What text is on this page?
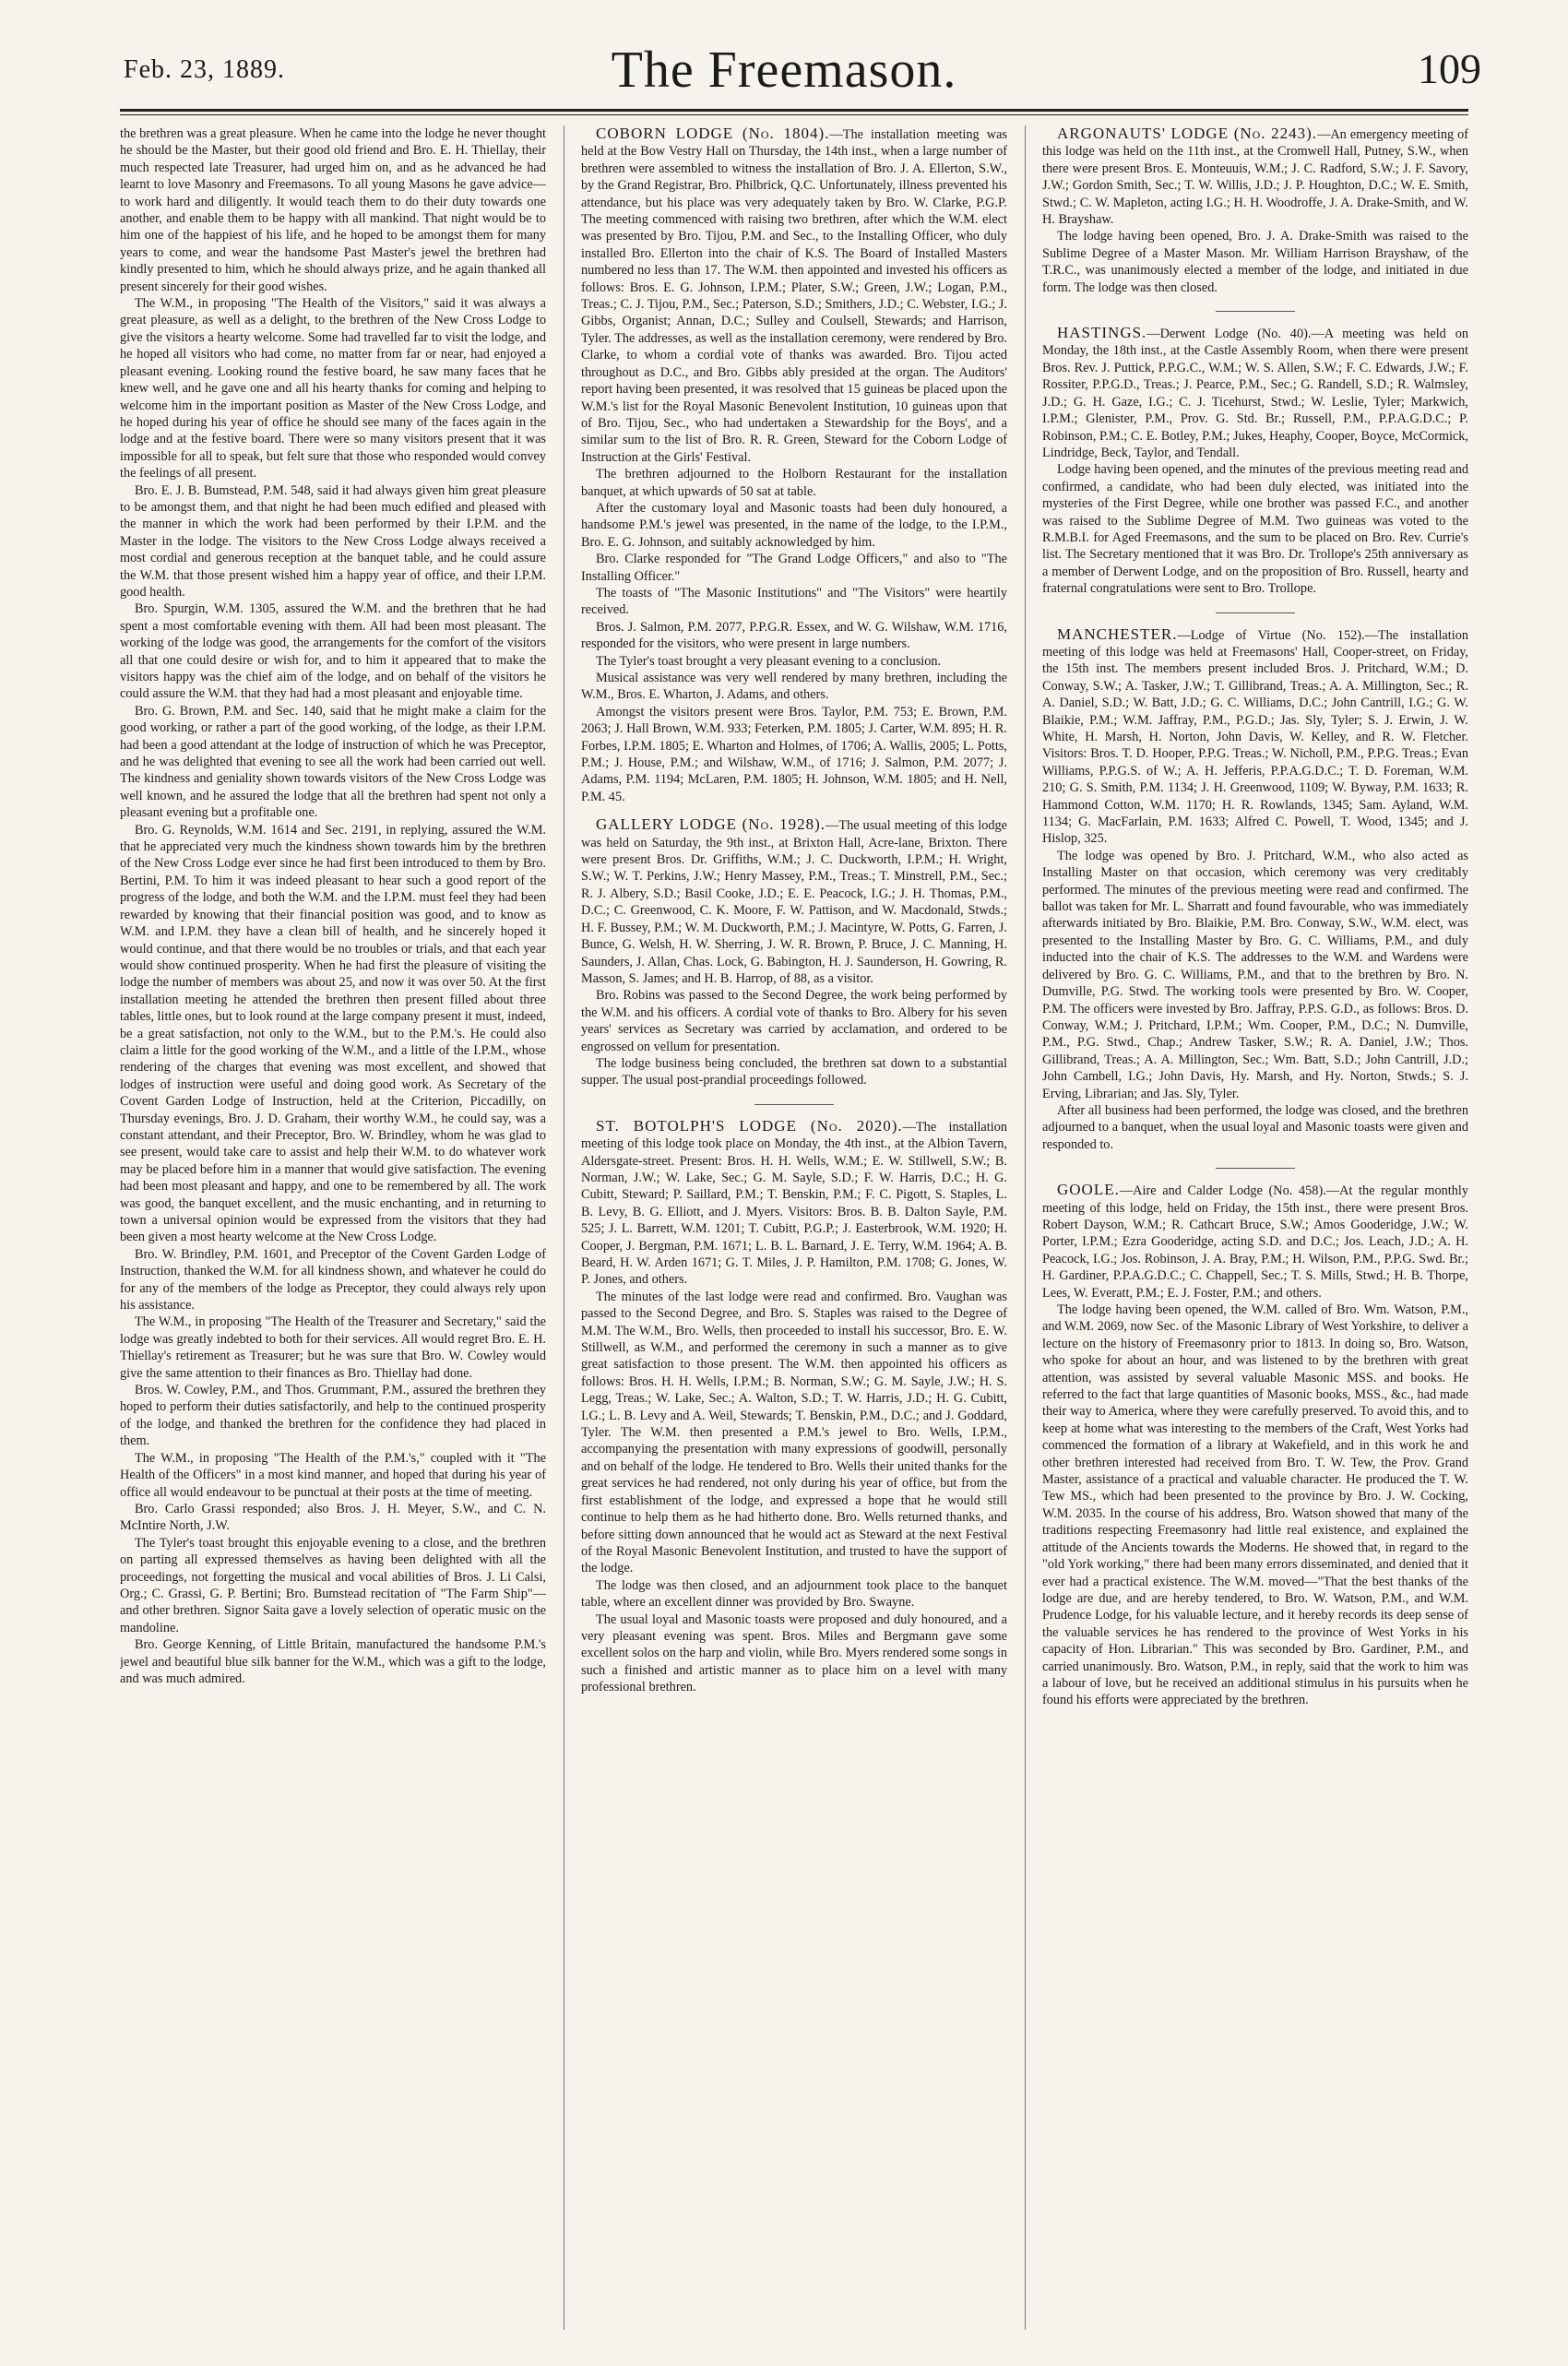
Feb. 23, 1889.	The Freemason.	109

the brethren was a great pleasure. When he came into the lodge he never thought he should be the Master, but their good old friend and Bro. E. H. Thiellay, their much respected late Treasurer, had urged him on, and as he advanced he had learnt to love Masonry and Freemasons. To all young Masons he gave advice—to work hard and diligently. It would teach them to do their duty towards one another, and enable them to be happy with all mankind. That night would be to him one of the happiest of his life, and he hoped to be amongst them for many years to come, and wear the handsome Past Master's jewel the brethren had kindly presented to him, which he should always prize, and he again thanked all present sincerely for their good wishes.

The W.M., in proposing "The Health of the Visitors," said it was always a great pleasure, as well as a delight, to the brethren of the New Cross Lodge to give the visitors a hearty welcome. Some had travelled far to visit the lodge, and he hoped all visitors who had come, no matter from far or near, had enjoyed a pleasant evening. Looking round the festive board, he saw many faces that he knew well, and he gave one and all his hearty thanks for coming and helping to welcome him in the important position as Master of the New Cross Lodge, and he hoped during his year of office he should see many of the faces again in the lodge and at the festive board. There were so many visitors present that it was impossible for all to speak, but felt sure that those who responded would convey the feelings of all present.

Bro. E. J. B. Bumstead, P.M. 548, said it had always given him great pleasure to be amongst them, and that night he had been much edified and pleased with the manner in which the work had been performed by their I.P.M. and the Master in the lodge. The visitors to the New Cross Lodge always received a most cordial and generous reception at the banquet table, and he could assure the W.M. that those present wished him a happy year of office, and their I.P.M. good health.

Bro. Spurgin, W.M. 1305, assured the W.M. and the brethren that he had spent a most comfortable evening with them. All had been most pleasant. The working of the lodge was good, the arrangements for the comfort of the visitors all that one could desire or wish for, and to him it appeared that to make the visitors happy was the chief aim of the lodge, and on behalf of the visitors he could assure the W.M. that they had had a most pleasant and enjoyable time.

Bro. G. Brown, P.M. and Sec. 140, said that he might make a claim for the good working, or rather a part of the good working, of the lodge, as their I.P.M. had been a good attendant at the lodge of instruction of which he was Preceptor, and he was delighted that evening to see all the work had been carried out well. The kindness and geniality shown towards visitors of the New Cross Lodge was well known, and he assured the lodge that all the brethren had spent not only a pleasant evening but a profitable one.

Bro. G. Reynolds, W.M. 1614 and Sec. 2191, in replying, assured the W.M. that he appreciated very much the kindness shown towards him by the brethren of the New Cross Lodge ever since he had first been introduced to them by Bro. Bertini, P.M. To him it was indeed pleasant to hear such a good report of the progress of the lodge, and both the W.M. and the I.P.M. must feel they had been rewarded by knowing that their financial position was good, and to know as W.M. and I.P.M. they have a clean bill of health, and he sincerely hoped it would continue, and that there would be no troubles or trials, and that each year would show continued prosperity. When he had first the pleasure of visiting the lodge the number of members was about 25, and now it was over 50. At the first installation meeting he attended the brethren then present filled about three tables, little ones, but to look round at the large company present it must, indeed, be a great satisfaction, not only to the W.M., but to the P.M.'s. He could also claim a little for the good working of the W.M., and a little of the I.P.M., whose rendering of the charges that evening was most excellent, and showed that lodges of instruction were useful and doing good work. As Secretary of the Covent Garden Lodge of Instruction, held at the Criterion, Piccadilly, on Thursday evenings, Bro. J. D. Graham, their worthy W.M., he could say, was a constant attendant, and their Preceptor, Bro. W. Brindley, whom he was glad to see present, would take care to assist and help their W.M. to do whatever work may be placed before him in a manner that would give satisfaction. The evening had been most pleasant and happy, and one to be remembered by all. The work was good, the banquet excellent, and the music enchanting, and in returning to town a universal opinion would be expressed from the visitors that they had been given a most hearty welcome at the New Cross Lodge.

Bro. W. Brindley, P.M. 1601, and Preceptor of the Covent Garden Lodge of Instruction, thanked the W.M. for all kindness shown, and whatever he could do for any of the members of the lodge as Preceptor, they could always rely upon his assistance.

The W.M., in proposing "The Health of the Treasurer and Secretary," said the lodge was greatly indebted to both for their services. All would regret Bro. E. H. Thiellay's retirement as Treasurer; but he was sure that Bro. W. Cowley would give the same attention to their finances as Bro. Thiellay had done.

Bros. W. Cowley, P.M., and Thos. Grummant, P.M., assured the brethren they hoped to perform their duties satisfactorily, and help to the continued prosperity of the lodge, and thanked the brethren for the confidence they had placed in them.

The W.M., in proposing "The Health of the P.M.'s," coupled with it "The Health of the Officers" in a most kind manner, and hoped that during his year of office all would endeavour to be punctual at their posts at the time of meeting.

Bro. Carlo Grassi responded; also Bros. J. H. Meyer, S.W., and C. N. McIntire North, J.W.

The Tyler's toast brought this enjoyable evening to a close, and the brethren on parting all expressed themselves as having been delighted with all the proceedings, not forgetting the musical and vocal abilities of Bros. J. Li Calsi, Org.; C. Grassi, G. P. Bertini; Bro. Bumstead recitation of "The Farm Ship"—and other brethren. Signor Saita gave a lovely selection of operatic music on the mandoline.

Bro. George Kenning, of Little Britain, manufactured the handsome P.M.'s jewel and beautiful blue silk banner for the W.M., which was a gift to the lodge, and was much admired.

COBORN LODGE (No. 1804).—The installation meeting was held at the Bow Vestry Hall on Thursday, the 14th inst., when a large number of brethren were assembled to witness the installation of Bro. J. A. Ellerton, S.W., by the Grand Registrar, Bro. Philbrick, Q.C. Unfortunately, illness prevented his attendance, but his place was very adequately taken by Bro. W. Clarke, P.G.P. The meeting commenced with raising two brethren, after which the W.M. elect was presented by Bro. Tijou, P.M. and Sec., to the Installing Officer, who duly installed Bro. Ellerton into the chair of K.S. The Board of Installed Masters numbered no less than 17. The W.M. then appointed and invested his officers as follows: Bros. E. G. Johnson, I.P.M.; Plater, S.W.; Green, J.W.; Logan, P.M., Treas.; C. J. Tijou, P.M., Sec.; Paterson, S.D.; Smithers, J.D.; C. Webster, I.G.; J. Gibbs, Organist; Annan, D.C.; Sulley and Coulsell, Stewards; and Harrison, Tyler. The addresses, as well as the installation ceremony, were rendered by Bro. Clarke, to whom a cordial vote of thanks was awarded. Bro. Tijou acted throughout as D.C., and Bro. Gibbs ably presided at the organ. The Auditors' report having been presented, it was resolved that 15 guineas be placed upon the W.M.'s list for the Royal Masonic Benevolent Institution, 10 guineas upon that of Bro. Tijou, Sec., who had undertaken a Stewardship for the Boys', and a similar sum to the list of Bro. R. R. Green, Steward for the Coborn Lodge of Instruction at the Girls' Festival.

The brethren adjourned to the Holborn Restaurant for the installation banquet, at which upwards of 50 sat at table.

After the customary loyal and Masonic toasts had been duly honoured, a handsome P.M.'s jewel was presented, in the name of the lodge, to the I.P.M., Bro. E. G. Johnson, and suitably acknowledged by him.

Bro. Clarke responded for "The Grand Lodge Officers," and also to "The Installing Officer."

The toasts of "The Masonic Institutions" and "The Visitors" were heartily received.

Bros. J. Salmon, P.M. 2077, P.P.G.R. Essex, and W. G. Wilshaw, W.M. 1716, responded for the visitors, who were present in large numbers.

The Tyler's toast brought a very pleasant evening to a conclusion.

Musical assistance was very well rendered by many brethren, including the W.M., Bros. E. Wharton, J. Adams, and others.

Amongst the visitors present were Bros. Taylor, P.M. 753; E. Brown, P.M. 2063; J. Hall Brown, W.M. 933; Feterken, P.M. 1805; J. Carter, W.M. 895; H. R. Forbes, I.P.M. 1805; E. Wharton and Holmes, of 1706; A. Wallis, 2005; L. Potts, P.M.; J. House, P.M.; and Wilshaw, W.M., of 1716; J. Salmon, P.M. 2077; J. Adams, P.M. 1194; McLaren, P.M. 1805; H. Johnson, W.M. 1805; and H. Nell, P.M. 45.

GALLERY LODGE (No. 1928).—The usual meeting of this lodge was held on Saturday, the 9th inst., at Brixton Hall, Acre-lane, Brixton. There were present Bros. Dr. Griffiths, W.M.; J. C. Duckworth, I.P.M.; H. Wright, S.W.; W. T. Perkins, J.W.; Henry Massey, P.M., Treas.; T. Minstrell, P.M., Sec.; R. J. Albery, S.D.; Basil Cooke, J.D.; E. E. Peacock, I.G.; J. H. Thomas, P.M., D.C.; C. Greenwood, C. K. Moore, F. W. Pattison, and W. Macdonald, Stwds.; H. F. Bussey, P.M.; W. M. Duckworth, P.M.; J. Macintyre, W. Potts, G. Farren, J. Bunce, G. Welsh, H. W. Sherring, J. W. R. Brown, P. Bruce, J. C. Manning, H. Saunders, J. Allan, Chas. Lock, G. Babington, H. J. Saunderson, H. Gowring, R. Masson, S. James; and H. B. Harrop, of 88, as a visitor.

Bro. Robins was passed to the Second Degree, the work being performed by the W.M. and his officers. A cordial vote of thanks to Bro. Albery for his seven years' services as Secretary was carried by acclamation, and ordered to be engrossed on vellum for presentation.

The lodge business being concluded, the brethren sat down to a substantial supper. The usual post-prandial proceedings followed.

ST. BOTOLPH'S LODGE (No. 2020).—The installation meeting of this lodge took place on Monday, the 4th inst., at the Albion Tavern, Aldersgate-street. Present: Bros. H. H. Wells, W.M.; E. W. Stillwell, S.W.; B. Norman, J.W.; W. Lake, Sec.; G. M. Sayle, S.D.; F. W. Harris, D.C.; H. G. Cubitt, Steward; P. Saillard, P.M.; T. Benskin, P.M.; F. C. Pigott, S. Staples, L. B. Levy, B. G. Elliott, and J. Myers. Visitors: Bros. B. B. Dalton Sayle, P.M. 525; J. L. Barrett, W.M. 1201; T. Cubitt, P.G.P.; J. Easterbrook, W.M. 1920; H. Cooper, J. Bergman, P.M. 1671; L. B. L. Barnard, J. E. Terry, W.M. 1964; A. B. Beard, H. W. Arden 1671; G. T. Miles, J. P. Hamilton, P.M. 1708; G. Jones, W. P. Jones, and others.

The minutes of the last lodge were read and confirmed. Bro. Vaughan was passed to the Second Degree, and Bro. S. Staples was raised to the Degree of M.M. The W.M., Bro. Wells, then proceeded to install his successor, Bro. E. W. Stillwell, as W.M., and performed the ceremony in such a manner as to give great satisfaction to those present. The W.M. then appointed his officers as follows: Bros. H. H. Wells, I.P.M.; B. Norman, S.W.; G. M. Sayle, J.W.; H. S. Legg, Treas.; W. Lake, Sec.; A. Walton, S.D.; T. W. Harris, J.D.; H. G. Cubitt, I.G.; L. B. Levy and A. Weil, Stewards; T. Benskin, P.M., D.C.; and J. Goddard, Tyler. The W.M. then presented a P.M.'s jewel to Bro. Wells, I.P.M., accompanying the presentation with many expressions of goodwill, personally and on behalf of the lodge. He tendered to Bro. Wells their united thanks for the great services he had rendered, not only during his year of office, but from the first establishment of the lodge, and expressed a hope that he would still continue to help them as he had hitherto done. Bro. Wells returned thanks, and before sitting down announced that he would act as Steward at the next Festival of the Royal Masonic Benevolent Institution, and trusted to have the support of the lodge.

The lodge was then closed, and an adjournment took place to the banquet table, where an excellent dinner was provided by Bro. Swayne.

The usual loyal and Masonic toasts were proposed and duly honoured, and a very pleasant evening was spent. Bros. Miles and Bergmann gave some excellent solos on the harp and violin, while Bro. Myers rendered some songs in such a finished and artistic manner as to place him on a level with many professional brethren.

ARGONAUTS' LODGE (No. 2243).—An emergency meeting of this lodge was held on the 11th inst., at the Cromwell Hall, Putney, S.W., when there were present Bros. E. Monteuuis, W.M.; J. C. Radford, S.W.; J. F. Savory, J.W.; Gordon Smith, Sec.; T. W. Willis, J.D.; J. P. Houghton, D.C.; W. E. Smith, Stwd.; C. W. Mapleton, acting I.G.; H. H. Woodroffe, J. A. Drake-Smith, and W. H. Brayshaw.

The lodge having been opened, Bro. J. A. Drake-Smith was raised to the Sublime Degree of a Master Mason. Mr. William Harrison Brayshaw, of the T.R.C., was unanimously elected a member of the lodge, and initiated in due form. The lodge was then closed.

HASTINGS.—Derwent Lodge (No. 40).—A meeting was held on Monday, the 18th inst., at the Castle Assembly Room, when there were present Bros. Rev. J. Puttick, P.P.G.C., W.M.; W. S. Allen, S.W.; F. C. Edwards, J.W.; F. Rossiter, P.P.G.D., Treas.; J. Pearce, P.M., Sec.; G. Randell, S.D.; R. Walmsley, J.D.; G. H. Gaze, I.G.; C. J. Ticehurst, Stwd.; W. Leslie, Tyler; Markwich, I.P.M.; Glenister, P.M., Prov. G. Std. Br.; Russell, P.M., P.P.A.G.D.C.; P. Robinson, P.M.; C. E. Botley, P.M.; Jukes, Heaphy, Cooper, Boyce, McCormick, Lindridge, Beck, Taylor, and Tendall.

Lodge having been opened, and the minutes of the previous meeting read and confirmed, a candidate, who had been duly elected, was initiated into the mysteries of the First Degree, while one brother was passed F.C., and another was raised to the Sublime Degree of M.M. Two guineas was voted to the R.M.B.I. for Aged Freemasons, and the sum to be placed on Bro. Rev. Currie's list. The Secretary mentioned that it was Bro. Dr. Trollope's 25th anniversary as a member of Derwent Lodge, and on the proposition of Bro. Russell, hearty and fraternal congratulations were sent to Bro. Trollope.

MANCHESTER.—Lodge of Virtue (No. 152).—The installation meeting of this lodge was held at Freemasons' Hall, Cooper-street, on Friday, the 15th inst. The members present included Bros. J. Pritchard, W.M.; D. Conway, S.W.; A. Tasker, J.W.; T. Gillibrand, Treas.; A. A. Millington, Sec.; R. A. Daniel, S.D.; W. Batt, J.D.; G. C. Williams, D.C.; John Cantrill, I.G.; G. W. Blaikie, P.M.; W.M. Jaffray, P.M., P.G.D.; Jas. Sly, Tyler; S. J. Erwin, J. W. White, H. Marsh, H. Norton, John Davis, W. Kelley, and R. W. Fletcher. Visitors: Bros. T. D. Hooper, P.P.G. Treas.; W. Nicholl, P.M., P.P.G. Treas.; Evan Williams, P.P.G.S. of W.; A. H. Jefferis, P.P.A.G.D.C.; T. D. Foreman, W.M. 210; G. S. Smith, P.M. 1134; J. H. Greenwood, 1109; W. Byway, P.M. 1633; R. Hammond Cotton, W.M. 1170; H. R. Rowlands, 1345; Sam. Ayland, W.M. 1134; G. MacFarlain, P.M. 1633; Alfred C. Powell, T. Wood, 1345; and J. Hislop, 325.

The lodge was opened by Bro. J. Pritchard, W.M., who also acted as Installing Master on that occasion, which ceremony was very creditably performed. The minutes of the previous meeting were read and confirmed. The ballot was taken for Mr. L. Sharratt and found favourable, who was immediately afterwards initiated by Bro. Blaikie, P.M. Bro. Conway, S.W., W.M. elect, was presented to the Installing Master by Bro. G. C. Williams, P.M., and duly inducted into the chair of K.S. The addresses to the W.M. and Wardens were delivered by Bro. G. C. Williams, P.M., and that to the brethren by Bro. N. Dumville, P.G. Stwd. The working tools were presented by Bro. W. Cooper, P.M. The officers were invested by Bro. Jaffray, P.P.S. G.D., as follows: Bros. D. Conway, W.M.; J. Pritchard, I.P.M.; Wm. Cooper, P.M., D.C.; N. Dumville, P.M., P.G. Stwd., Chap.; Andrew Tasker, S.W.; R. A. Daniel, J.W.; Thos. Gillibrand, Treas.; A. A. Millington, Sec.; Wm. Batt, S.D.; John Cantrill, J.D.; John Cambell, I.G.; John Davis, Hy. Marsh, and Hy. Norton, Stwds.; S. J. Erving, Librarian; and Jas. Sly, Tyler.

After all business had been performed, the lodge was closed, and the brethren adjourned to a banquet, when the usual loyal and Masonic toasts were given and responded to.

GOOLE.—Aire and Calder Lodge (No. 458).—At the regular monthly meeting of this lodge, held on Friday, the 15th inst., there were present Bros. Robert Dayson, W.M.; R. Cathcart Bruce, S.W.; Amos Gooderidge, J.W.; W. Porter, I.P.M.; Ezra Gooderidge, acting S.D. and D.C.; Jos. Leach, J.D.; A. H. Peacock, I.G.; Jos. Robinson, J. A. Bray, P.M.; H. Wilson, P.M., P.P.G. Swd. Br.; H. Gardiner, P.P.A.G.D.C.; C. Chappell, Sec.; T. S. Mills, Stwd.; H. B. Thorpe, Lees, W. Everatt, P.M.; E. J. Foster, P.M.; and others.

The lodge having been opened, the W.M. called of Bro. Wm. Watson, P.M., and W.M. 2069, now Sec. of the Masonic Library of West Yorkshire, to deliver a lecture on the history of Freemasonry prior to 1813. In doing so, Bro. Watson, who spoke for about an hour, and was listened to by the brethren with great attention, was assisted by several valuable Masonic MSS. and books. He referred to the fact that large quantities of Masonic books, MSS., &c., had made their way to America, where they were carefully preserved. To avoid this, and to keep at home what was interesting to the members of the Craft, West Yorks had commenced the formation of a library at Wakefield, and in this work he and other brethren interested had received from Bro. T. W. Tew, the Prov. Grand Master, assistance of a practical and valuable character. He produced the T. W. Tew MS., which had been presented to the province by Bro. J. W. Cocking, W.M. 2035. In the course of his address, Bro. Watson showed that many of the traditions respecting Freemasonry had little real existence, and explained the attitude of the Ancients towards the Moderns. He showed that, in regard to the "old York working," there had been many errors disseminated, and denied that it ever had a practical existence. The W.M. moved—"That the best thanks of the lodge are due, and are hereby tendered, to Bro. W. Watson, P.M., and W.M. Prudence Lodge, for his valuable lecture, and it hereby records its deep sense of the valuable services he has rendered to the province of West Yorks in his capacity of Hon. Librarian." This was seconded by Bro. Gardiner, P.M., and carried unanimously. Bro. Watson, P.M., in reply, said that the work to him was a labour of love, but he received an additional stimulus in his pursuits when he found his efforts were appreciated by the brethren.
